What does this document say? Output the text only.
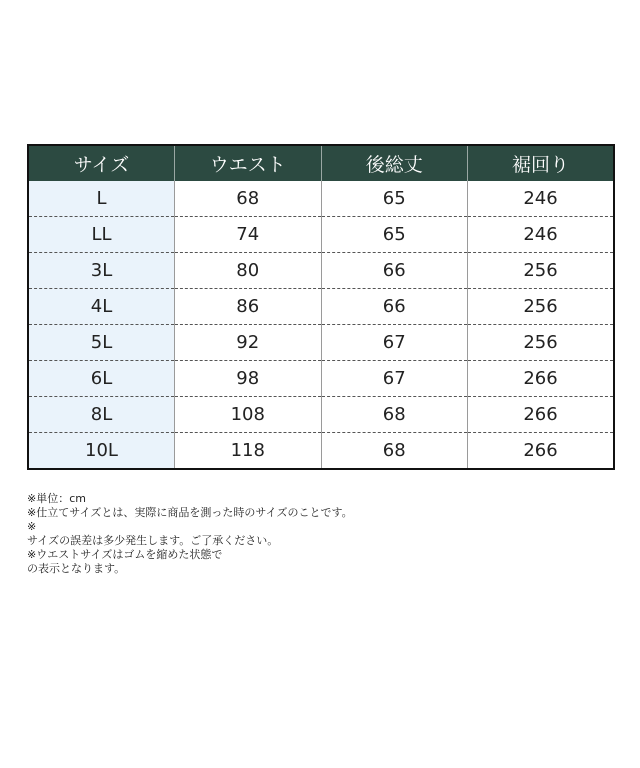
サイズ	ウエスト	後総丈	裾回り
L	68	65	246
LL	74	65	246
3L	80	66	256
4L	86	66	256
5L	92	67	256
6L	98	67	266
8L	108	68	266
10L	118	68	266

※単位：cm

※仕立てサイズとは、実際に商品を測った時のサイズのことです。

※

サイズの誤差は多少発生します。ご了承ください。

※ウエストサイズはゴムを縮めた状態で

の表示となります。
